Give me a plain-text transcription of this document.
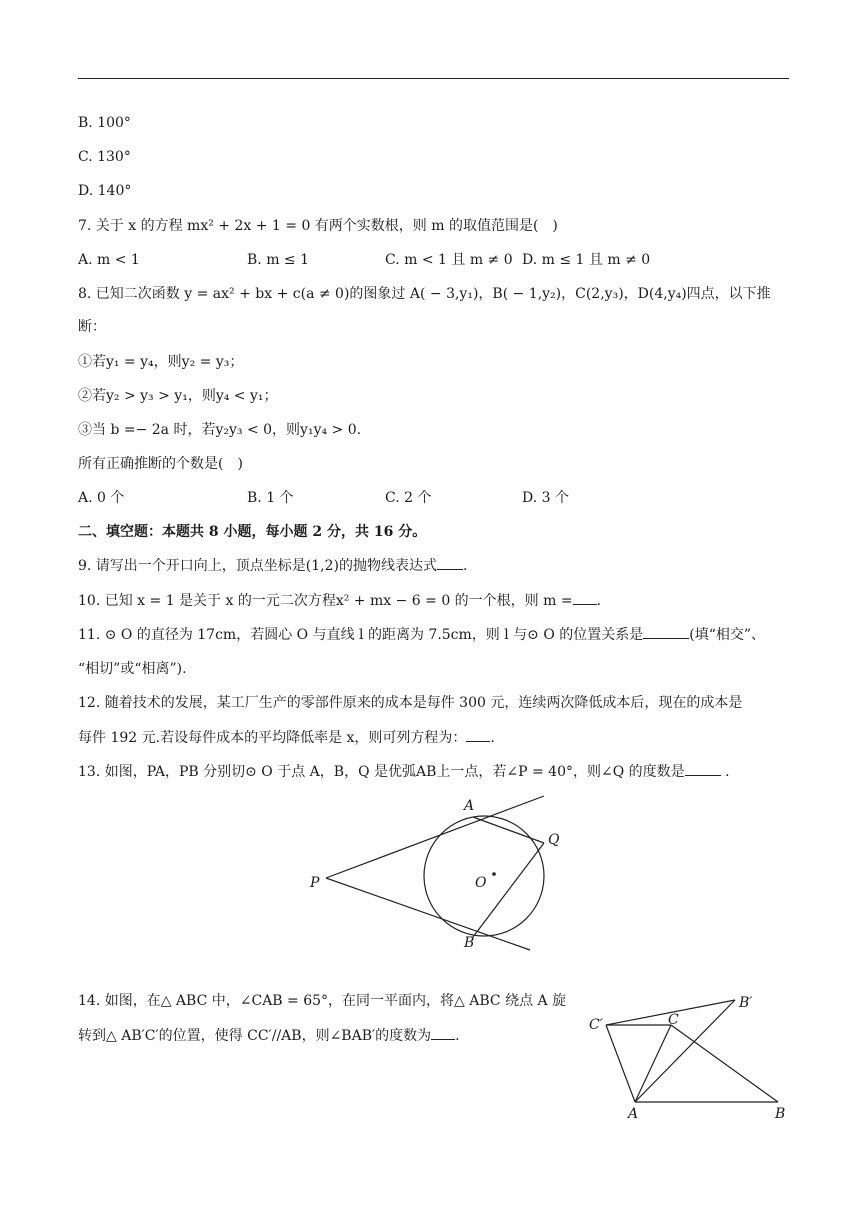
B. 100°
C. 130°
D. 140°
7. 关于 x 的方程 mx² + 2x + 1 = 0 有两个实数根，则 m 的取值范围是(　)
A. m < 1	B. m ≤ 1	C. m < 1 且 m ≠ 0 D. m ≤ 1 且 m ≠ 0
8. 已知二次函数 y = ax² + bx + c(a ≠ 0)的图象过 A( − 3,y₁)，B( − 1,y₂)，C(2,y₃)，D(4,y₄)四点，以下推
断：
①若y₁ = y₄，则y₂ = y₃；
②若y₂ > y₃ > y₁，则y₄ < y₁；
③当 b =− 2a 时，若y₂y₃ < 0，则y₁y₄ > 0.
所有正确推断的个数是(　)
A. 0 个	B. 1 个	C. 2 个	D. 3 个
二、填空题：本题共 8 小题，每小题 2 分，共 16 分。
9. 请写出一个开口向上，顶点坐标是(1,2)的抛物线表达式 .
10. 已知 x = 1 是关于 x 的一元二次方程x² + mx − 6 = 0 的一个根，则 m = .
11. ⊙ O 的直径为 17cm，若圆心 O 与直线 l 的距离为 7.5cm，则 l 与⊙ O 的位置关系是	(填“相交”、
“相切”或“相离”).
12. 随着技术的发展，某工厂生产的零部件原来的成本是每件 300 元，连续两次降低成本后，现在的成本是
每件 192 元.若设每件成本的平均降低率是 x，则可列方程为： .
13. 如图，PA，PB 分别切⊙ O 于点 A，B，Q 是优弧AB上一点，若∠P = 40°，则∠Q 的度数是	.
A
B
P
Q
O
14. 如图，在△ ABC 中，∠CAB = 65°，在同一平面内，将△ ABC 绕点 A 旋
转到△ AB′C′的位置，使得 CC′//AB，则∠BAB′的度数为 .
C′	C
B′
A	B
